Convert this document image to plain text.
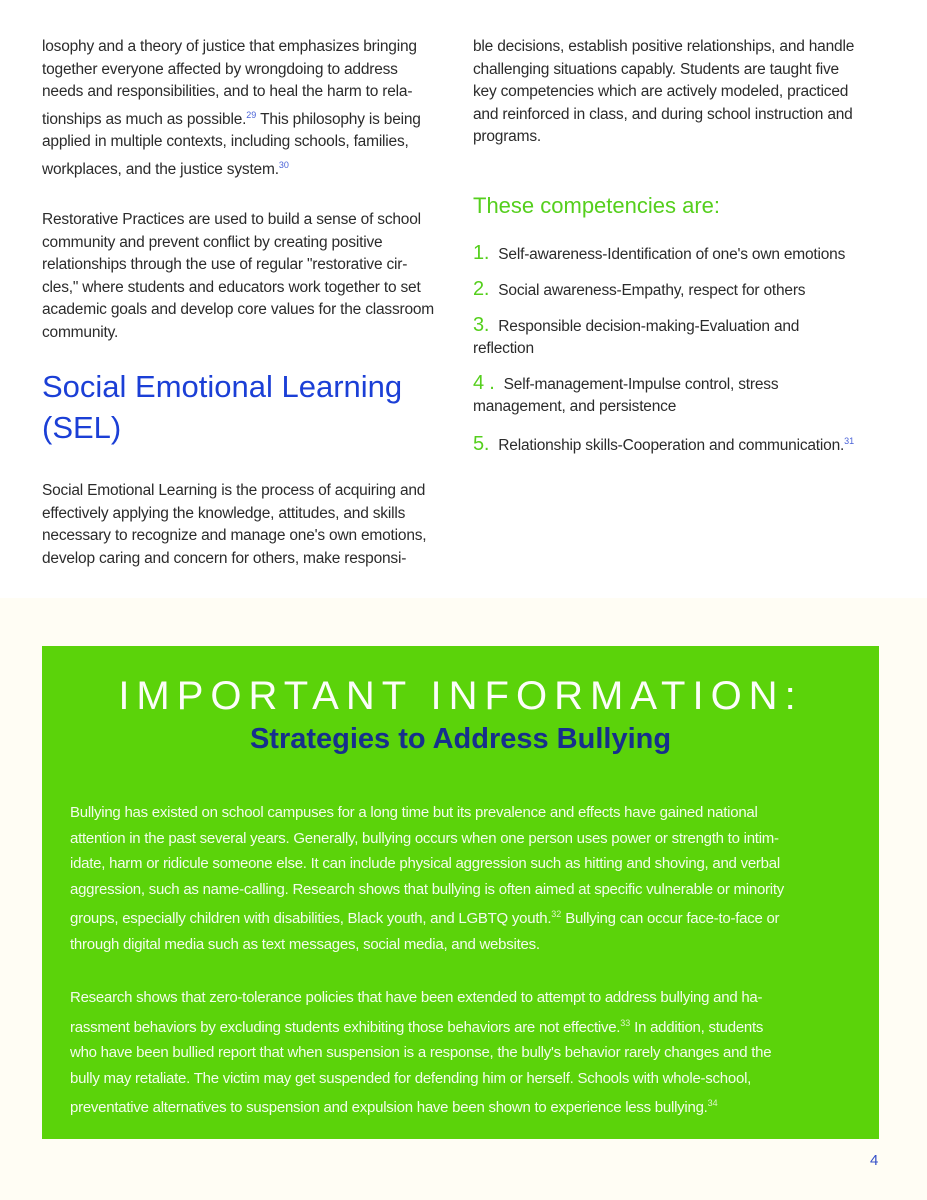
losophy and a theory of justice that emphasizes bringing
together everyone affected by wrongdoing to address
needs and responsibilities, and to heal the harm to rela-
tionships as much as possible.$^{29}$ This philosophy is being
applied in multiple contexts, including schools, families,
workplaces, and the justice system.$^{30}$

Restorative Practices are used to build a sense of school
community and prevent conflict by creating positive
relationships through the use of regular "restorative cir-
cles," where students and educators work together to set
academic goals and develop core values for the classroom
community.

Social Emotional Learning
(SEL)

Social Emotional Learning is the process of acquiring and
effectively applying the knowledge, attitudes, and skills
necessary to recognize and manage one's own emotions,
develop caring and concern for others, make responsi-

ble decisions, establish positive relationships, and handle
challenging situations capably. Students are taught five
key competencies which are actively modeled, practiced
and reinforced in class, and during school instruction and
programs.

These competencies are:
1. Self-awareness-Identification of one's own emotions
2. Social awareness-Empathy, respect for others
3. Responsible decision-making-Evaluation and
reflection
4 . Self-management-Impulse control, stress
management, and persistence
5. Relationship skills-Cooperation and communication.$^{31}$
IMPORTANT INFORMATION:
Strategies to Address Bullying

Bullying has existed on school campuses for a long time but its prevalence and effects have gained national
attention in the past several years. Generally, bullying occurs when one person uses power or strength to intim-
idate, harm or ridicule someone else. It can include physical aggression such as hitting and shoving, and verbal
aggression, such as name-calling. Research shows that bullying is often aimed at specific vulnerable or minority
groups, especially children with disabilities, Black youth, and LGBTQ youth.$^{32}$ Bullying can occur face-to-face or
through digital media such as text messages, social media, and websites.

Research shows that zero-tolerance policies that have been extended to attempt to address bullying and ha-
rassment behaviors by excluding students exhibiting those behaviors are not effective.$^{33}$ In addition, students
who have been bullied report that when suspension is a response, the bully's behavior rarely changes and the
bully may retaliate. The victim may get suspended for defending him or herself. Schools with whole-school,
preventative alternatives to suspension and expulsion have been shown to experience less bullying.$^{34}$

4
